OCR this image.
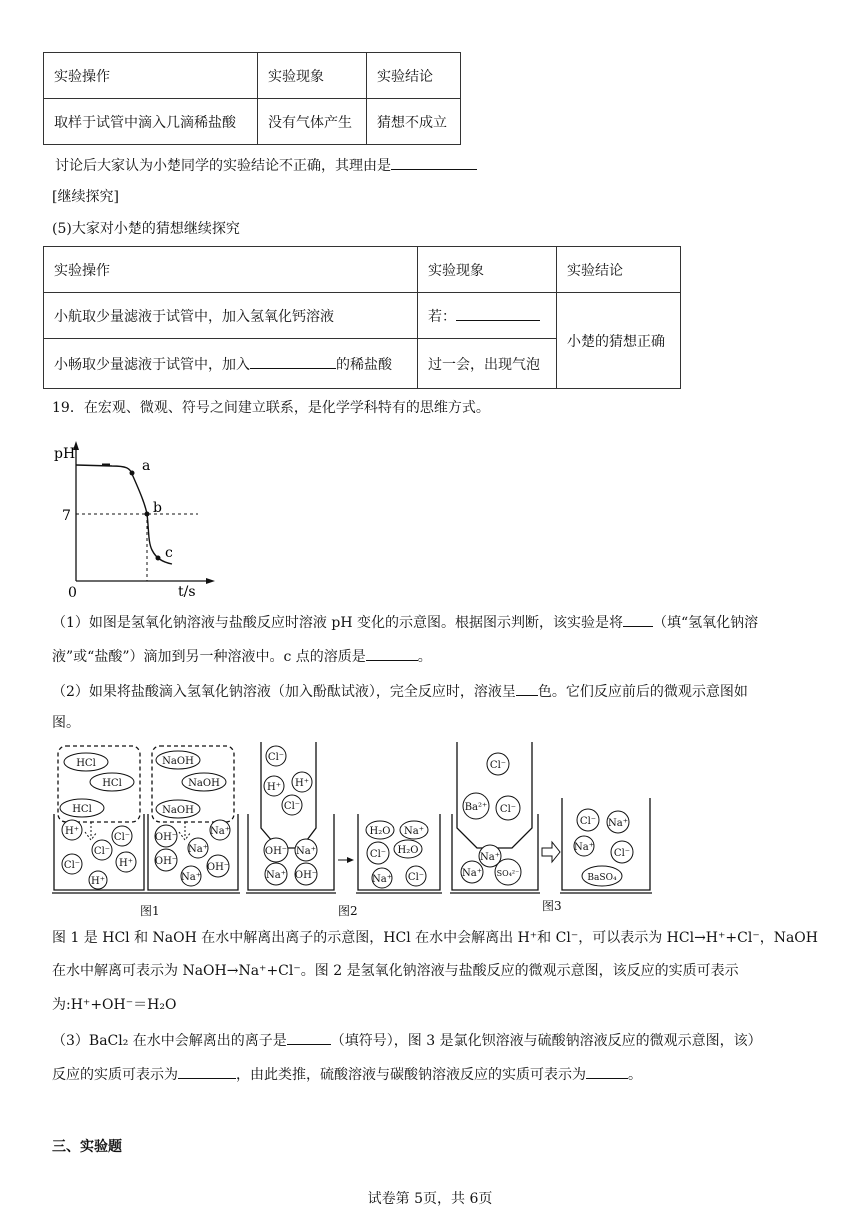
实验操作	实验现象	实验结论
取样于试管中滴入几滴稀盐酸	没有气体产生	猜想不成立
讨论后大家认为小楚同学的实验结论不正确，其理由是
[继续探究]
(5)大家对小楚的猜想继续探究
实验操作	实验现象	实验结论
小航取少量滤液于试管中，加入氢氧化钙溶液	若：	小楚的猜想正确
小畅取少量滤液于试管中，加入 的稀盐酸	过一会，出现气泡	
19．在宏观、微观、符号之间建立联系，是化学学科特有的思维方式。
pH
t/s
0
7
a
b
c
（1）如图是氢氧化钠溶液与盐酸反应时溶液 pH 变化的示意图。根据图示判断，该实验是将 （填“氢氧化钠溶
液”或“盐酸”）滴加到另一种溶液中。c 点的溶质是	。
（2）如果将盐酸滴入氢氧化钠溶液（加入酚酞试液），完全反应时，溶液呈 色。它们反应前后的微观示意图如
图。
HCl
HCl
HCl
NaOH
NaOH
NaOH
H⁺
Cl⁻
Cl⁻
Cl⁻	H⁺
H⁺
OH⁻
Na⁺
Na⁺
OH⁻
OH⁻
Na⁺
Cl⁻
H⁺
H⁺
Cl⁻
OH⁻ Na⁺
Na⁺ OH⁻
H₂O Na⁺
Cl⁻ H₂O
Na⁺ Cl⁻
Cl⁻
Ba²⁺ Cl⁻
Na⁺
Na⁺ SO₄²⁻
Cl⁻ Na⁺
Na⁺
Cl⁻
BaSO₄
图1	图2	图3
图 1 是 HCl 和 NaOH 在水中解离出离子的示意图，HCl 在水中会解离出 H⁺和 Cl⁻，可以表示为 HCl→H⁺+Cl⁻，NaOH
在水中解离可表示为 NaOH→Na⁺+Cl⁻。图 2 是氢氧化钠溶液与盐酸反应的微观示意图，该反应的实质可表示
为:H⁺+OH⁻＝H₂O
（3）BaCl₂ 在水中会解离出的离子是	（填符号），图 3 是氯化钡溶液与硫酸钠溶液反应的微观示意图，该）
反应的实质可表示为	，由此类推，硫酸溶液与碳酸钠溶液反应的实质可表示为	。
三、实验题
试卷第 5页，共 6页
